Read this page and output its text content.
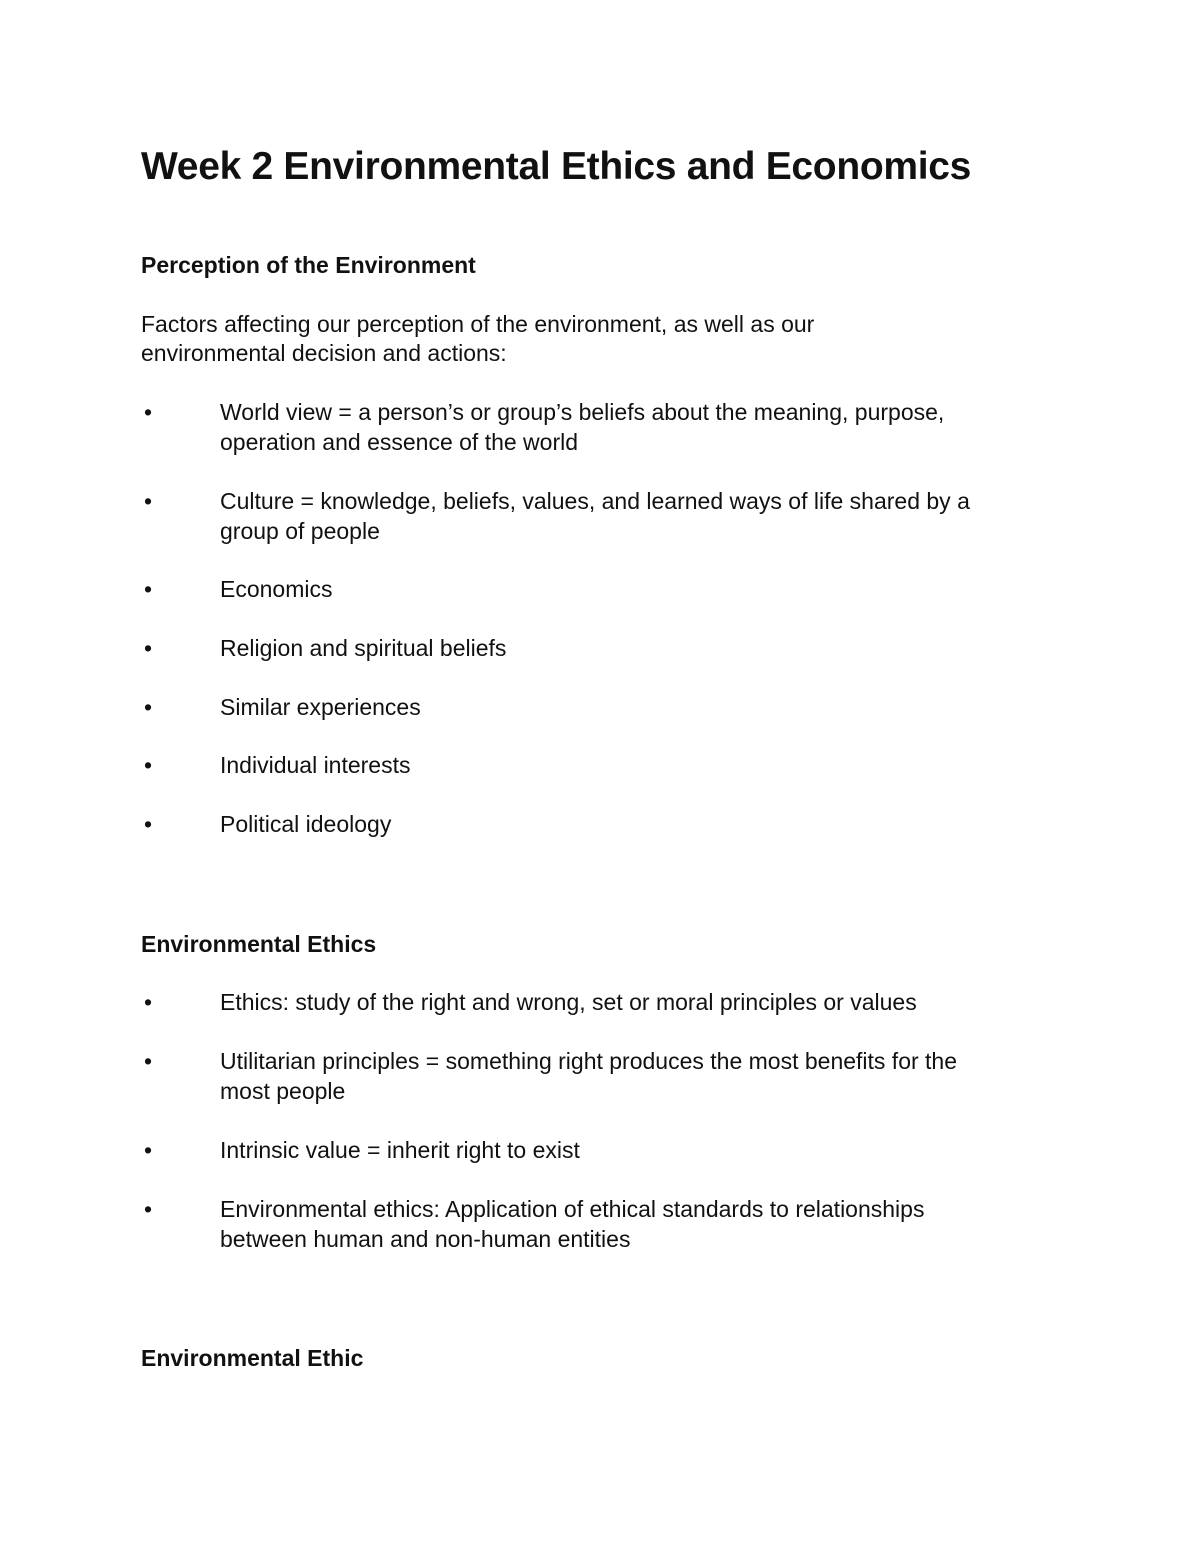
Week 2 Environmental Ethics and Economics
Perception of the Environment
Factors affecting our perception of the environment, as well as our
environmental decision and actions:
•	World view = a person’s or group’s beliefs about the meaning, purpose,
operation and essence of the world
•	Culture = knowledge, beliefs, values, and learned ways of life shared by a
group of people
•	Economics
•	Religion and spiritual beliefs
•	Similar experiences
•	Individual interests
•	Political ideology
Environmental Ethics
•	Ethics: study of the right and wrong, set or moral principles or values
•	Utilitarian principles = something right produces the most benefits for the
most people
•	Intrinsic value = inherit right to exist
•	Environmental ethics: Application of ethical standards to relationships
between human and non-human entities
Environmental Ethic
